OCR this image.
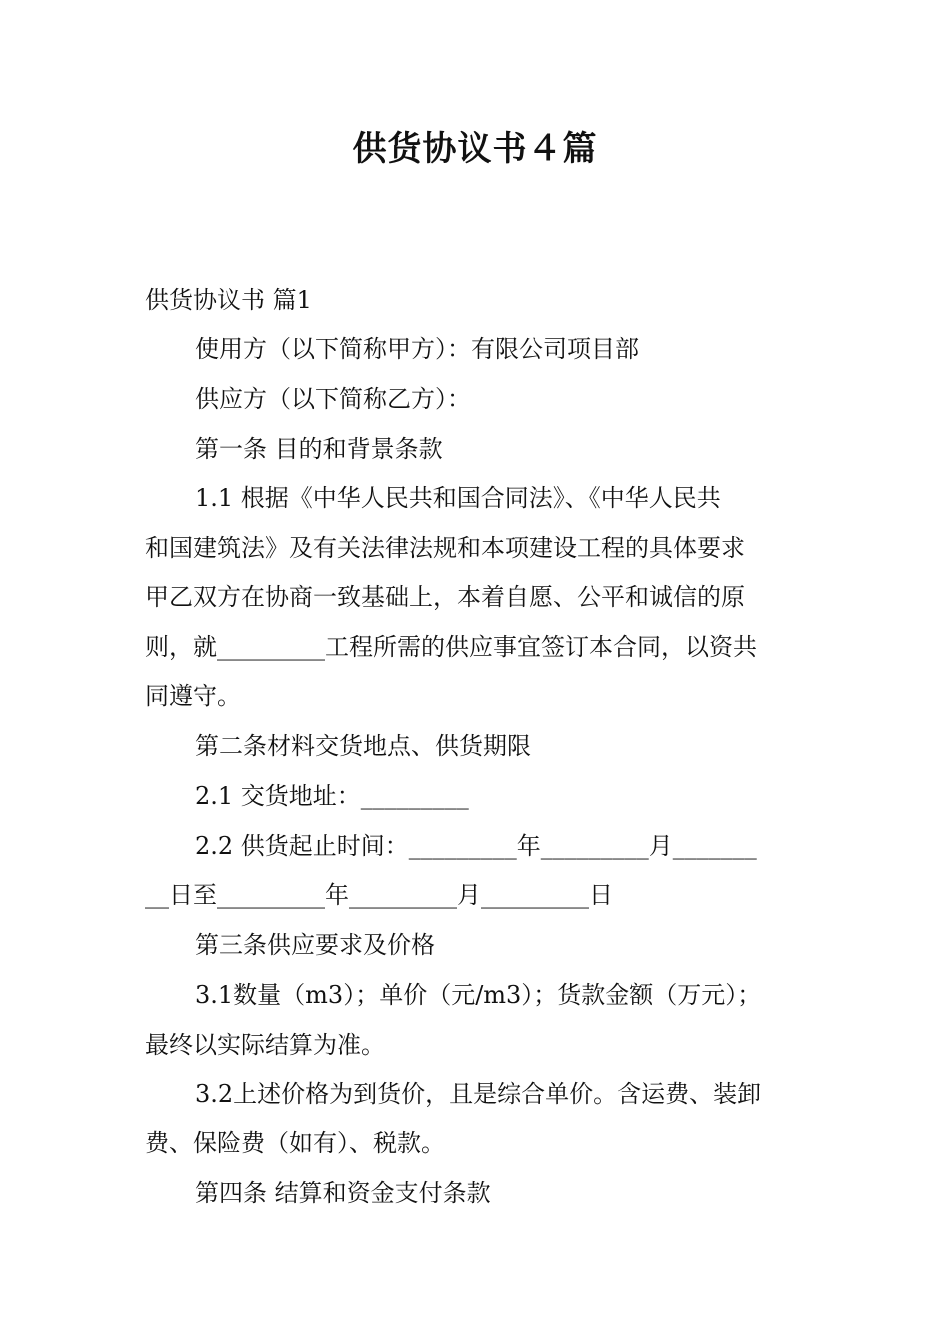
供货协议书４篇
供货协议书 篇1
使用方（以下简称甲方）：有限公司项目部
供应方（以下简称乙方）：
第一条 目的和背景条款
1.1 根据《中华人民共和国合同法》、《中华人民共
和国建筑法》及有关法律法规和本项建设工程的具体要求
甲乙双方在协商一致基础上，本着自愿、公平和诚信的原
则，就_________工程所需的供应事宜签订本合同，以资共
同遵守。
第二条材料交货地点、供货期限
2.1 交货地址：_________
2.2 供货起止时间：_________年_________月_______
__日至_________年_________月_________日
第三条供应要求及价格
3.1数量（m3）；单价（元/m3）；货款金额（万元）；
最终以实际结算为准。
3.2上述价格为到货价，且是综合单价。含运费、装卸
费、保险费（如有）、税款。
第四条 结算和资金支付条款
